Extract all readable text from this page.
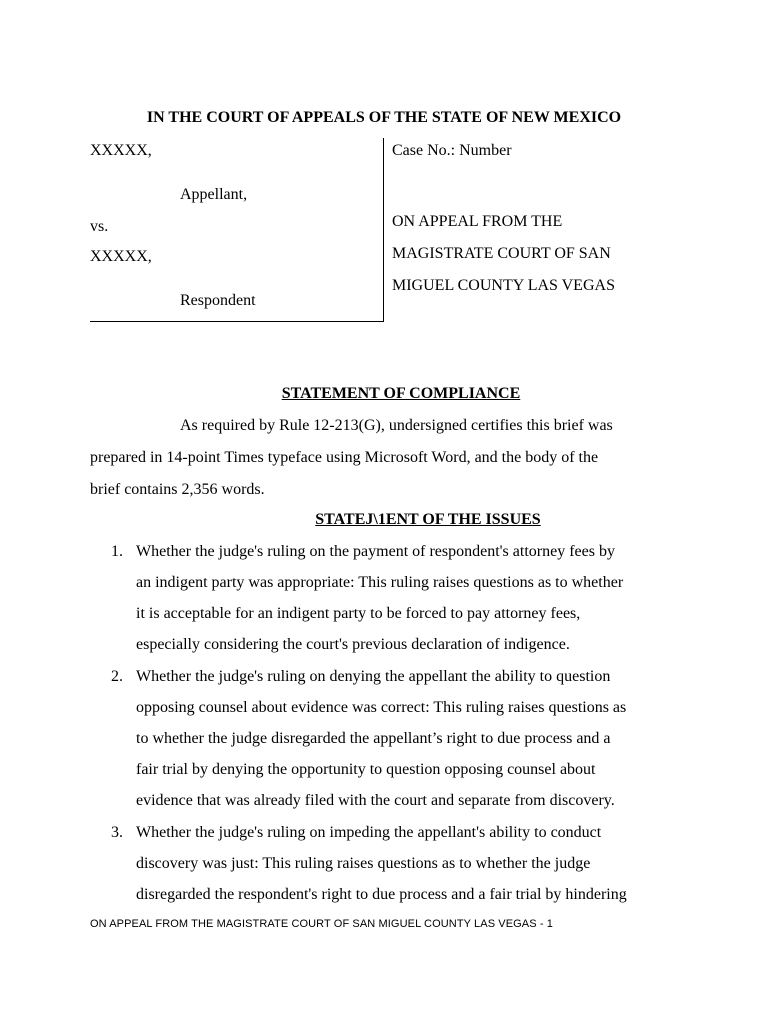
IN THE COURT OF APPEALS OF THE STATE OF NEW MEXICO
XXXXX,
Appellant,
vs.
XXXXX,
Respondent
Case No.: Number
ON APPEAL FROM THE
MAGISTRATE COURT OF SAN
MIGUEL COUNTY LAS VEGAS
STATEMENT OF COMPLIANCE
As required by Rule 12-213(G), undersigned certifies this brief was
prepared in 14-point Times typeface using Microsoft Word, and the body of the
brief contains 2,356 words.
STATEJ\1ENT OF THE ISSUES
1. Whether the judge's ruling on the payment of respondent's attorney fees by
an indigent party was appropriate: This ruling raises questions as to whether
it is acceptable for an indigent party to be forced to pay attorney fees,
especially considering the court's previous declaration of indigence.
2. Whether the judge's ruling on denying the appellant the ability to question
opposing counsel about evidence was correct: This ruling raises questions as
to whether the judge disregarded the appellant’s right to due process and a
fair trial by denying the opportunity to question opposing counsel about
evidence that was already filed with the court and separate from discovery.
3. Whether the judge's ruling on impeding the appellant's ability to conduct
discovery was just: This ruling raises questions as to whether the judge
disregarded the respondent's right to due process and a fair trial by hindering
ON APPEAL FROM THE MAGISTRATE COURT OF SAN MIGUEL COUNTY LAS VEGAS - 1
